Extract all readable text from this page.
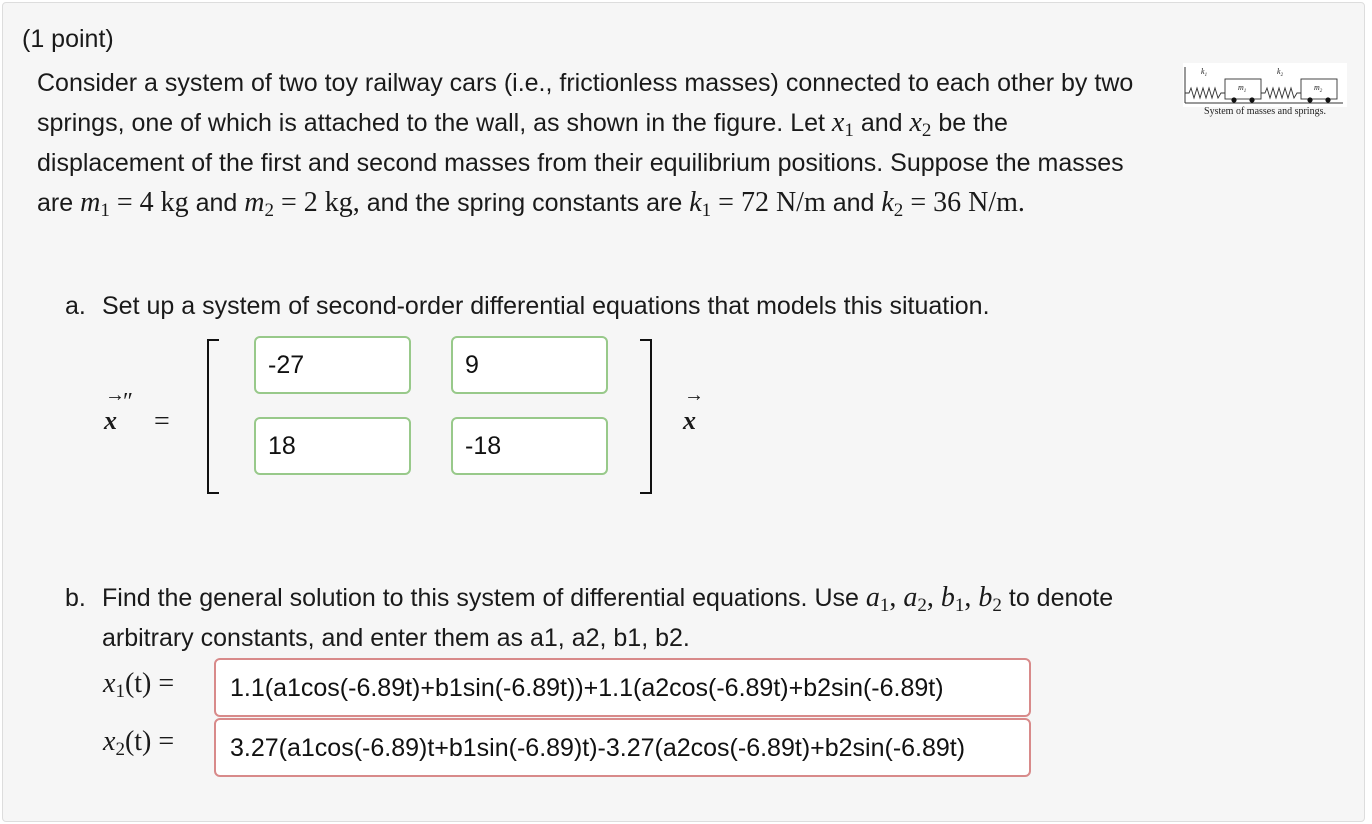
(1 point)
Consider a system of two toy railway cars (i.e., frictionless masses) connected to each other by two springs, one of which is attached to the wall, as shown in the figure. Let $x_1$ and $x_2$ be the displacement of the first and second masses from their equilibrium positions. Suppose the masses are $m_1 = 4$ kg and $m_2 = 2$ kg, and the spring constants are $k_1 = 72$ N/m and $k_2 = 36$ N/m.
$k_1$
$m_1$
$k_2$
$m_2$
System of masses and springs.
a. Set up a system of second-order differential equations that models this situation.
→
x
″
=
-27	9
18	-18
→
x
b. Find the general solution to this system of differential equations. Use $a_1$, $a_2$, $b_1$, $b_2$ to denote
arbitrary constants, and enter them as a1, a2, b1, b2.
$x_1(t)$ =	1.1(a1cos(-6.89t)+b1sin(-6.89t))+1.1(a2cos(-6.89t)+b2sin(-6.89t)
$x_2(t)$ =	3.27(a1cos(-6.89)t+b1sin(-6.89)t)-3.27(a2cos(-6.89t)+b2sin(-6.89t)
